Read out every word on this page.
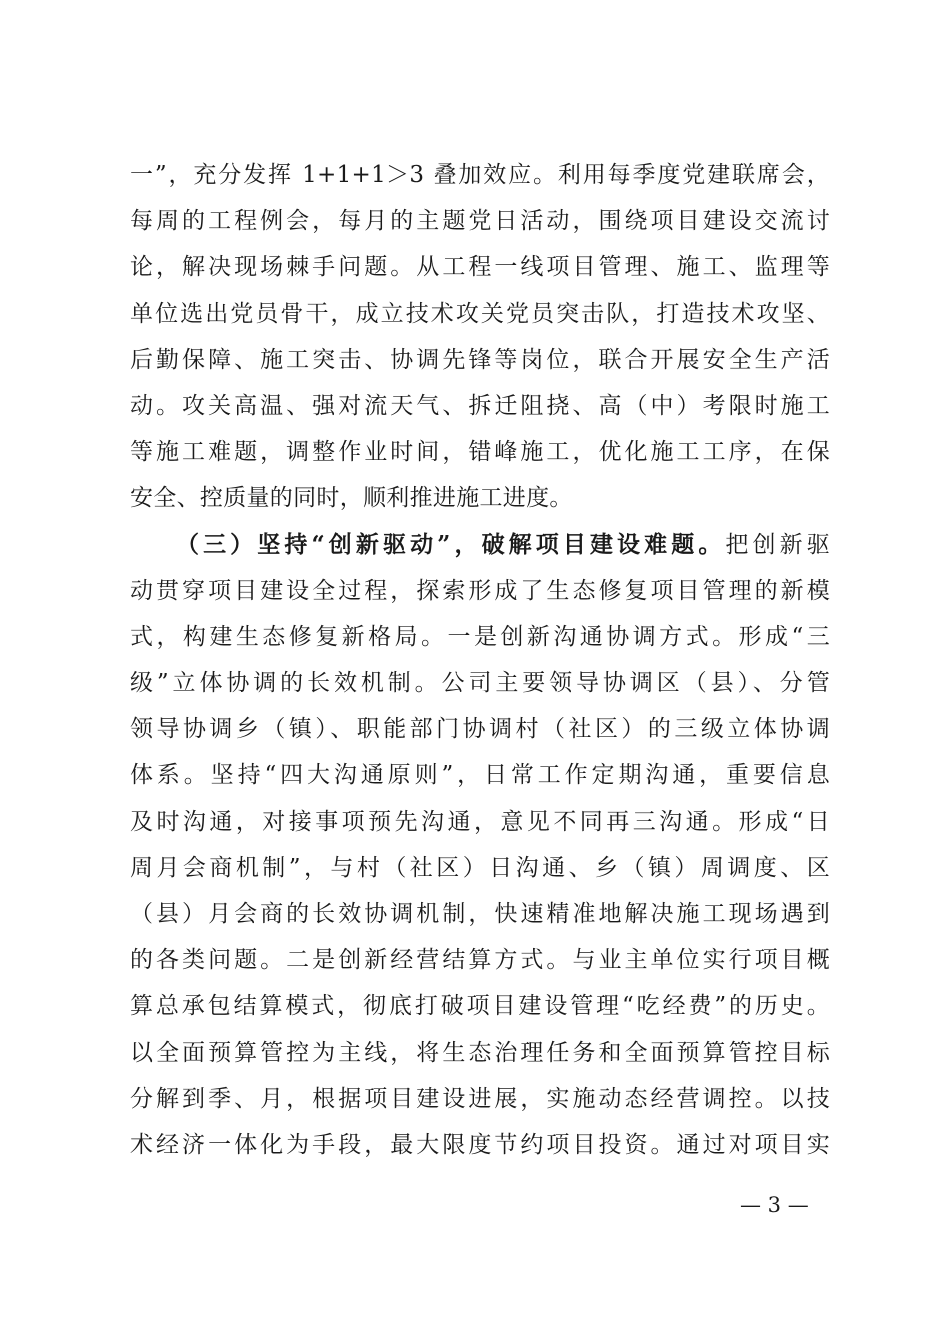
一”，充分发挥 1+1+1＞3 叠加效应。利用每季度党建联席会，
每周的工程例会，每月的主题党日活动，围绕项目建设交流讨
论，解决现场棘手问题。从工程一线项目管理、施工、监理等
单位选出党员骨干，成立技术攻关党员突击队，打造技术攻坚、
后勤保障、施工突击、协调先锋等岗位，联合开展安全生产活
动。攻关高温、强对流天气、拆迁阻挠、高（中）考限时施工
等施工难题，调整作业时间，错峰施工，优化施工工序，在保
安全、控质量的同时，顺利推进施工进度。
（三）坚持“创新驱动”，破解项目建设难题。把创新驱
动贯穿项目建设全过程，探索形成了生态修复项目管理的新模
式，构建生态修复新格局。一是创新沟通协调方式。形成“三
级”立体协调的长效机制。公司主要领导协调区（县）、分管
领导协调乡（镇）、职能部门协调村（社区）的三级立体协调
体系。坚持“四大沟通原则”，日常工作定期沟通，重要信息
及时沟通，对接事项预先沟通，意见不同再三沟通。形成“日
周月会商机制”，与村（社区）日沟通、乡（镇）周调度、区
（县）月会商的长效协调机制，快速精准地解决施工现场遇到
的各类问题。二是创新经营结算方式。与业主单位实行项目概
算总承包结算模式，彻底打破项目建设管理“吃经费”的历史。
以全面预算管控为主线，将生态治理任务和全面预算管控目标
分解到季、月，根据项目建设进展，实施动态经营调控。以技
术经济一体化为手段，最大限度节约项目投资。通过对项目实
— 3 —
